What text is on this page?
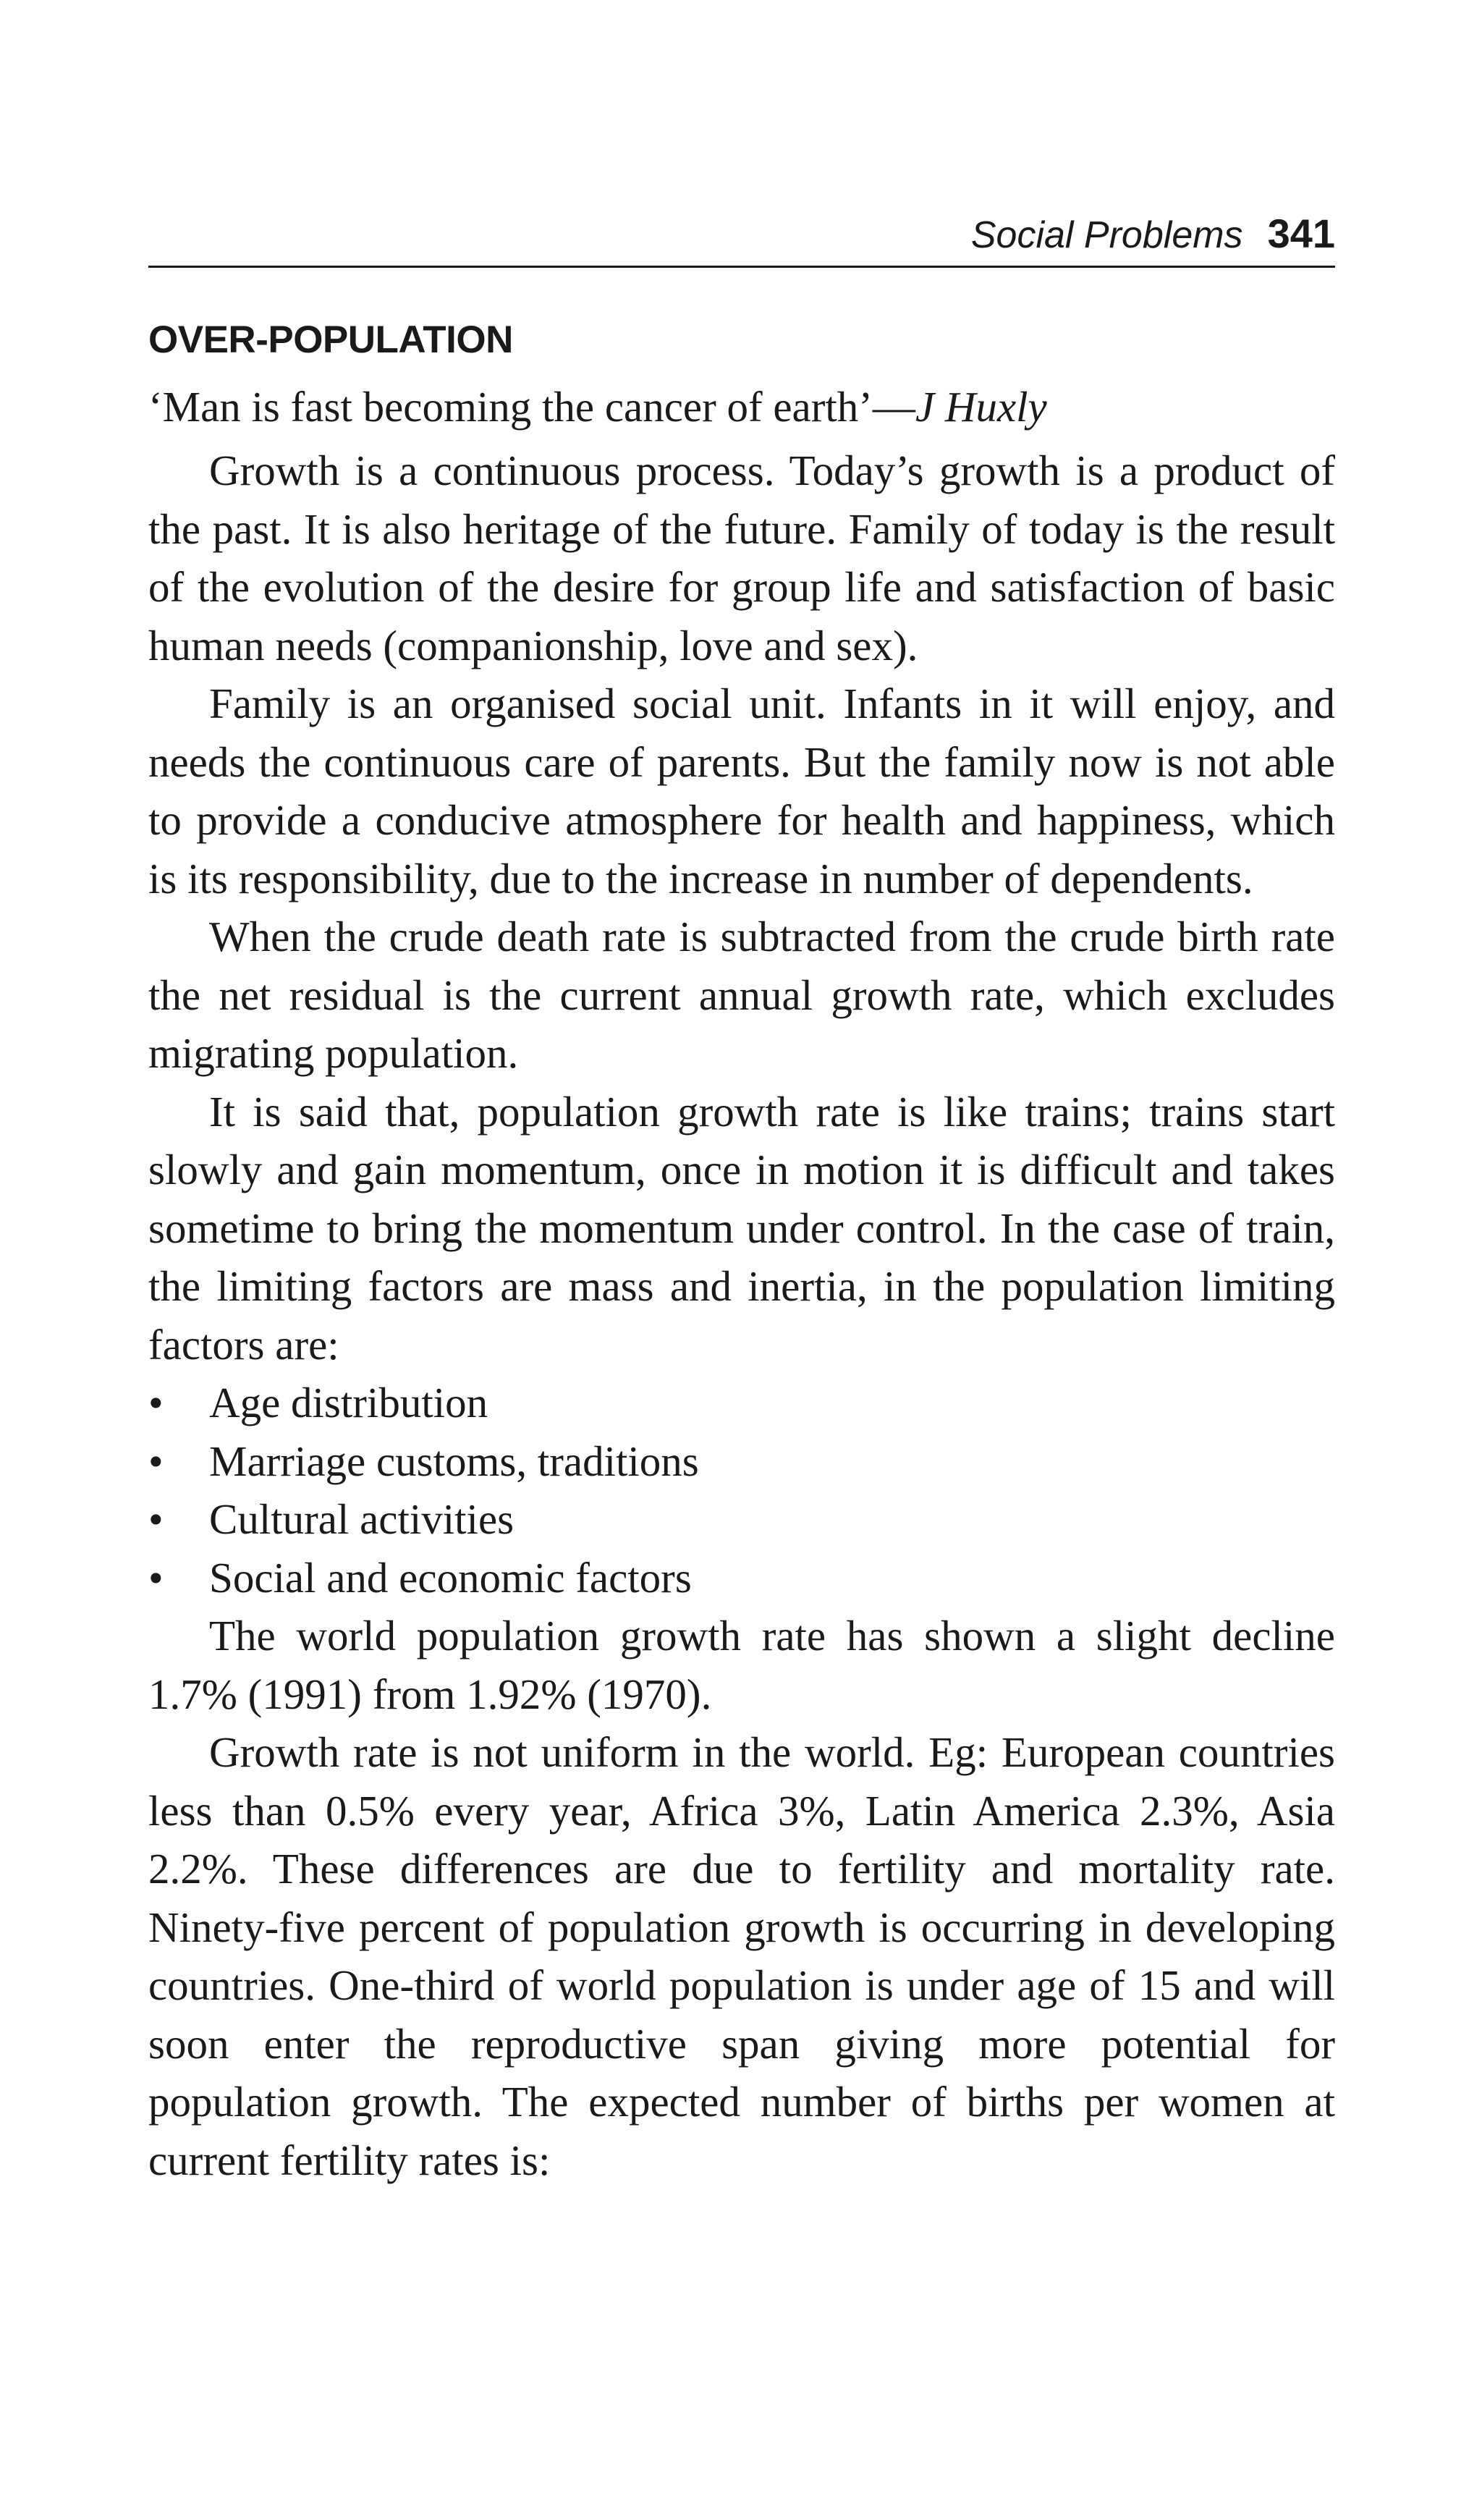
Social Problems 341
OVER-POPULATION
‘Man is fast becoming the cancer of earth’—J Huxly

Growth is a continuous process. Today’s growth is a product of the past. It is also heritage of the future. Family of today is the result of the evolution of the desire for group life and satisfaction of basic human needs (companionship, love and sex).

Family is an organised social unit. Infants in it will enjoy, and needs the continuous care of parents. But the family now is not able to provide a conducive atmosphere for health and happiness, which is its responsibility, due to the increase in number of dependents.

When the crude death rate is subtracted from the crude birth rate the net residual is the current annual growth rate, which excludes migrating population.

It is said that, population growth rate is like trains; trains start slowly and gain momentum, once in motion it is difficult and takes sometime to bring the momentum under control. In the case of train, the limiting factors are mass and inertia, in the population limiting factors are:

•	Age distribution
•	Marriage customs, traditions
•	Cultural activities
•	Social and economic factors

The world population growth rate has shown a slight decline 1.7% (1991) from 1.92% (1970).

Growth rate is not uniform in the world. Eg: European countries less than 0.5% every year, Africa 3%, Latin America 2.3%, Asia 2.2%. These differences are due to fertility and mortality rate. Ninety-five percent of population growth is occurring in developing countries. One-third of world population is under age of 15 and will soon enter the reproductive span giving more potential for population growth. The expected number of births per women at current fertility rates is:
